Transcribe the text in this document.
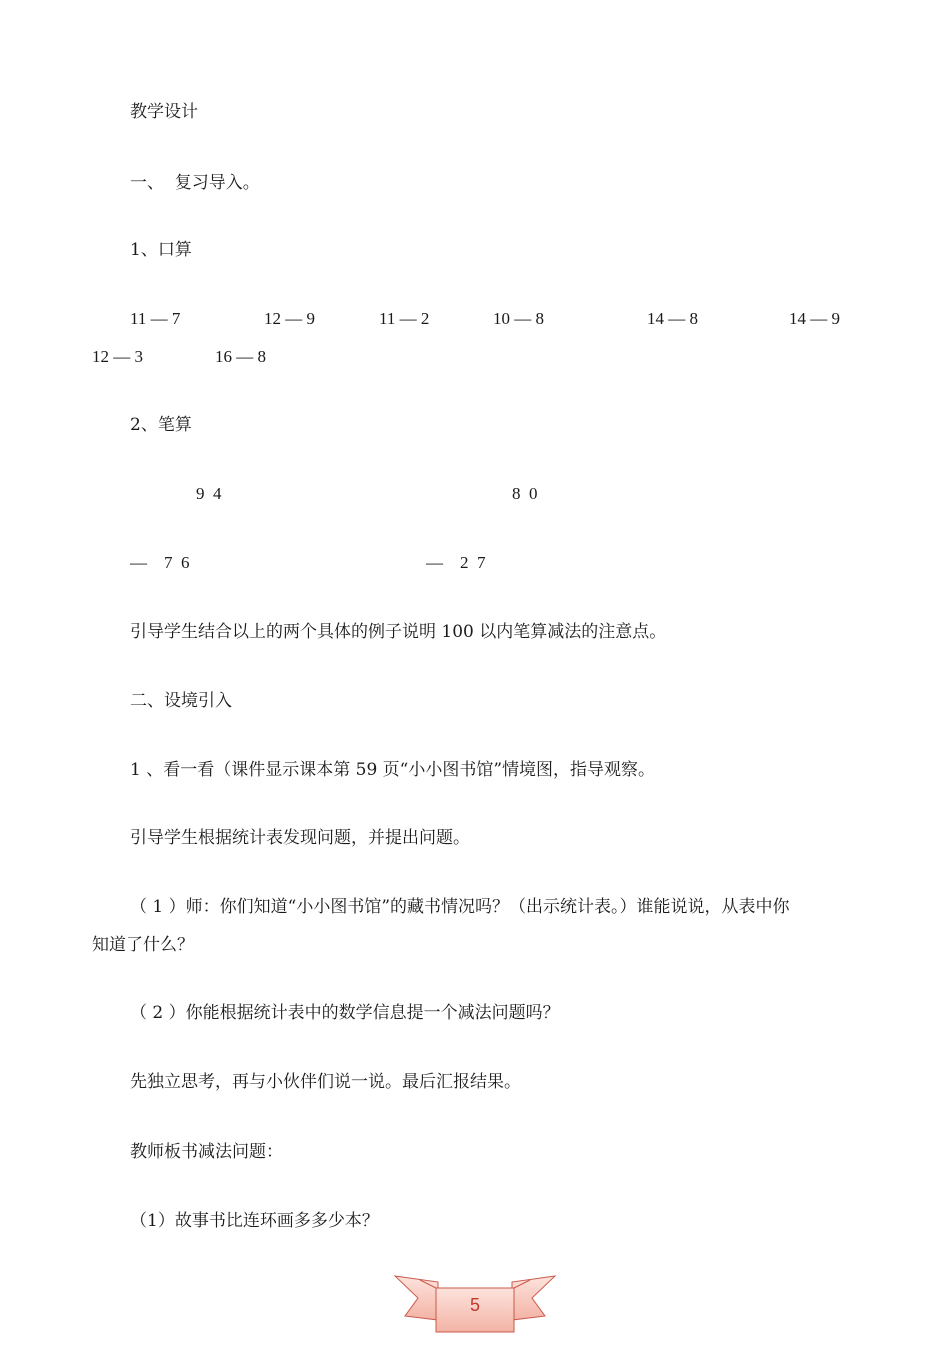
教学设计
一、  复习导入。
1、口算
11 — 7	12 — 9	11 — 2	10 — 8	14 — 8	14 — 9
12 — 3	16 — 8
2、笔算
9  4	8  0
—    7  6	—    2  7
引导学生结合以上的两个具体的例子说明 100 以内笔算减法的注意点。
二、设境引入
1 、看一看（课件显示课本第 59 页“小小图书馆”情境图，指导观察。
引导学生根据统计表发现问题，并提出问题。
（ 1 ）师：你们知道“小小图书馆”的藏书情况吗？（出示统计表。）谁能说说，从表中你
知道了什么？
（ 2 ）你能根据统计表中的数学信息提一个减法问题吗？
先独立思考，再与小伙伴们说一说。最后汇报结果。
教师板书减法问题：
（1）故事书比连环画多多少本？
5
